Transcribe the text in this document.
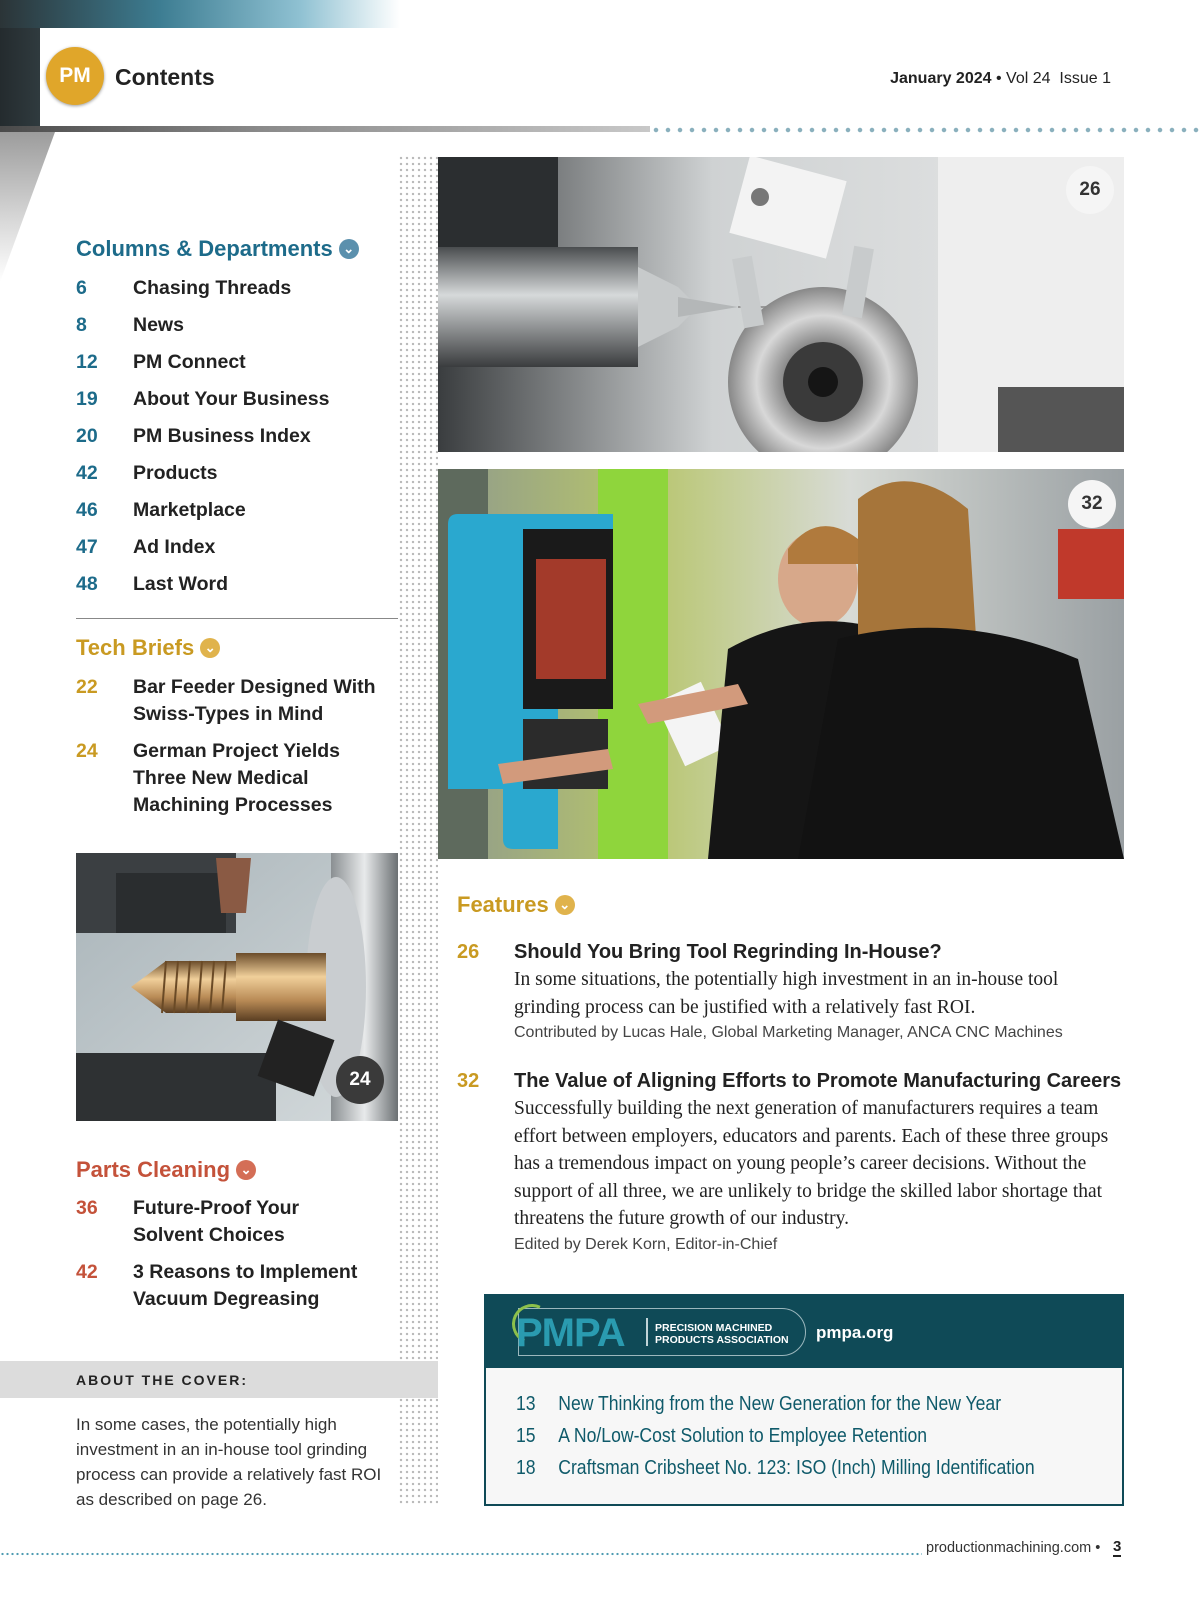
PM Contents	January 2024 • Vol 24 Issue 1
Columns & Departments ⌄
6	Chasing Threads
8	News
12	PM Connect
19	About Your Business
20	PM Business Index
42	Products
46	Marketplace
47	Ad Index
48	Last Word
Tech Briefs ⌄
22	Bar Feeder Designed With Swiss-Types in Mind
24	German Project Yields Three New Medical Machining Processes
24
Parts Cleaning ⌄
36	Future-Proof Your Solvent Choices
42	3 Reasons to Implement Vacuum Degreasing
ABOUT THE COVER:
In some cases, the potentially high investment in an in-house tool grinding process can provide a relatively fast ROI as described on page 26.
26
32
Features ⌄
26	Should You Bring Tool Regrinding In-House?
In some situations, the potentially high investment in an in-house tool grinding process can be justified with a relatively fast ROI.
Contributed by Lucas Hale, Global Marketing Manager, ANCA CNC Machines
32	The Value of Aligning Efforts to Promote Manufacturing Careers
Successfully building the next generation of manufacturers requires a team effort between employers, educators and parents. Each of these three groups has a tremendous impact on young people’s career decisions. Without the support of all three, we are unlikely to bridge the skilled labor shortage that threatens the future growth of our industry.
Edited by Derek Korn, Editor-in-Chief
PMPA	PRECISION MACHINED
PRODUCTS ASSOCIATION	pmpa.org
13	New Thinking from the New Generation for the New Year
15	A No/Low-Cost Solution to Employee Retention
18	Craftsman Cribsheet No. 123: ISO (Inch) Milling Identification
productionmachining.com • 3
